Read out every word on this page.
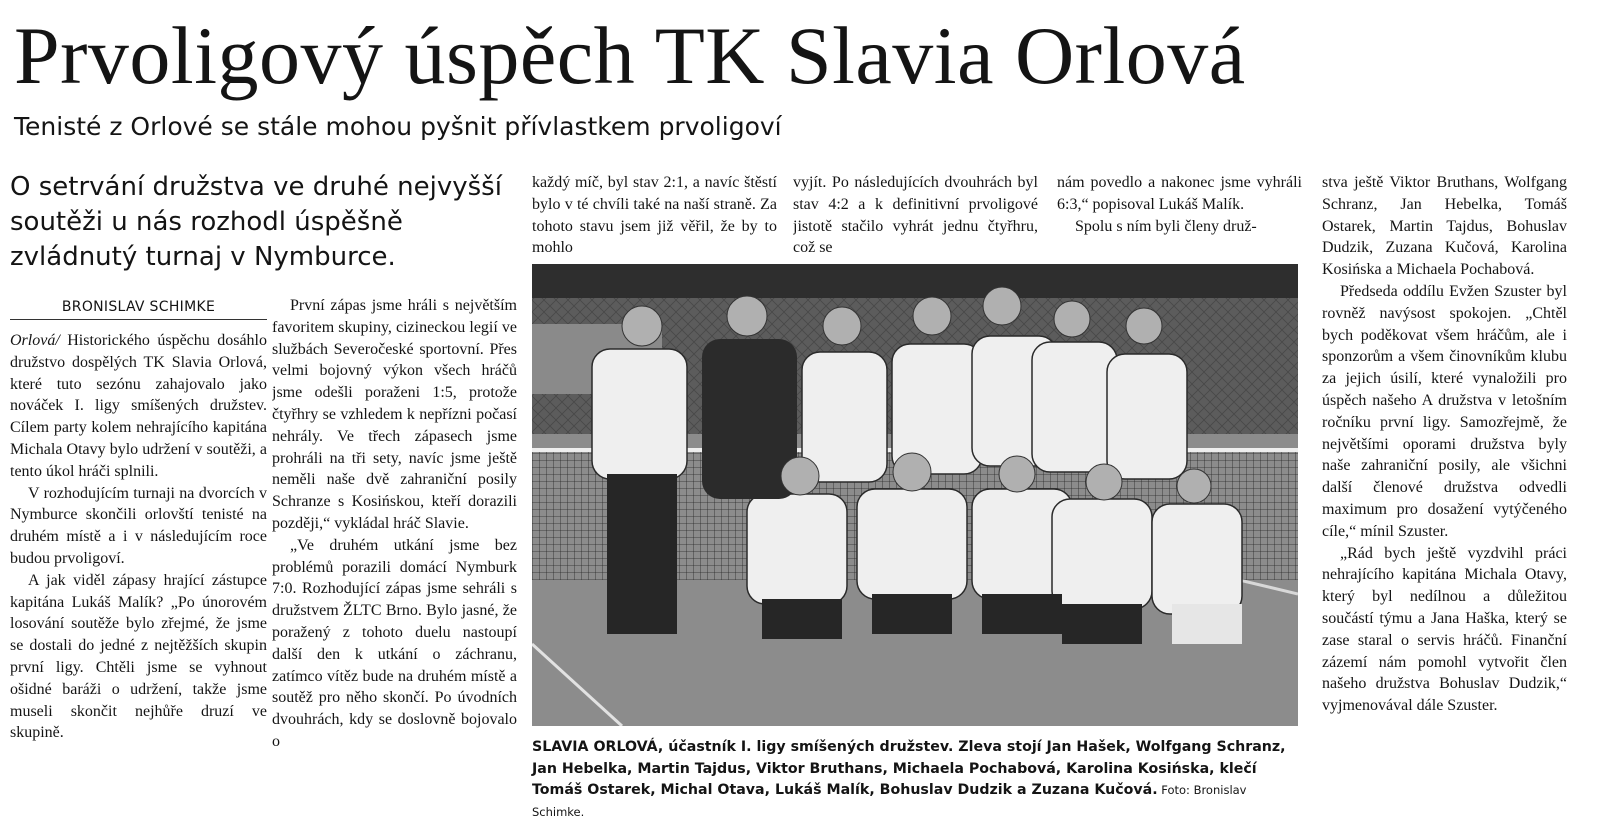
Prvoligový úspěch TK Slavia Orlová
Tenisté z Orlové se stále mohou pyšnit přívlastkem prvoligoví

O setrvání družstva ve druhé nejvyšší soutěži u nás rozhodl úspěšně zvládnutý turnaj v Nymburce.

BRONISLAV SCHIMKE

Orlová/ Historického úspěchu dosáhlo družstvo dospělých TK Slavia Orlová, které tuto sezónu zahajovalo jako nováček I. ligy smíšených družstev. Cílem party kolem nehrajícího kapitána Michala Otavy bylo udržení v soutěži, a tento úkol hráči splnili.

V rozhodujícím turnaji na dvorcích v Nymburce skončili orlovští tenisté na druhém místě a i v následujícím roce budou prvoligoví.

A jak viděl zápasy hrající zástupce kapitána Lukáš Malík? „Po únorovém losování soutěže bylo zřejmé, že jsme se dostali do jedné z nejtěžších skupin první ligy. Chtěli jsme se vyhnout ošidné baráži o udržení, takže jsme museli skončit nejhůře druzí ve skupině.

První zápas jsme hráli s největším favoritem skupiny, cizineckou legií ve službách Severočeské sportovní. Přes velmi bojovný výkon všech hráčů jsme odešli poraženi 1:5, protože čtyřhry se vzhledem k nepřízni počasí nehrály. Ve třech zápasech jsme prohráli na tři sety, navíc jsme ještě neměli naše dvě zahraniční posily Schranze s Kosińskou, kteří dorazili později,“ vykládal hráč Slavie.

„Ve druhém utkání jsme bez problémů porazili domácí Nymburk 7:0. Rozhodující zápas jsme sehráli s družstvem ŽLTC Brno. Bylo jasné, že poražený z tohoto duelu nastoupí další den k utkání o záchranu, zatímco vítěz bude na druhém místě a soutěž pro něho skončí. Po úvodních dvouhrách, kdy se doslovně bojovalo o

každý míč, byl stav 2:1, a navíc štěstí bylo v té chvíli také na naší straně. Za tohoto stavu jsem již věřil, že by to mohlo

vyjít. Po následujících dvouhrách byl stav 4:2 a k definitivní prvoligové jistotě stačilo vyhrát jednu čtyřhru, což se

nám povedlo a nakonec jsme vyhráli 6:3,“ popisoval Lukáš Malík.

Spolu s ním byli členy druž-

stva ještě Viktor Bruthans, Wolfgang Schranz, Jan Hebelka, Tomáš Ostarek, Martin Tajdus, Bohuslav Dudzik, Zuzana Kučová, Karolina Kosińska a Michaela Pochabová.

Předseda oddílu Evžen Szuster byl rovněž navýsost spokojen. „Chtěl bych poděkovat všem hráčům, ale i sponzorům a všem činovníkům klubu za jejich úsilí, které vynaložili pro úspěch našeho A družstva v letošním ročníku první ligy. Samozřejmě, že největšími oporami družstva byly naše zahraniční posily, ale všichni další členové družstva odvedli maximum pro dosažení vytýčeného cíle,“ mínil Szuster.

„Rád bych ještě vyzdvihl práci nehrajícího kapitána Michala Otavy, který byl nedílnou a důležitou součástí týmu a Jana Haška, který se zase staral o servis hráčů. Finanční zázemí nám pomohl vytvořit člen našeho družstva Bohuslav Dudzik,“ vyjmenovával dále Szuster.

SLAVIA ORLOVÁ, účastník I. ligy smíšených družstev. Zleva stojí Jan Hašek, Wolfgang Schranz, Jan Hebelka, Martin Tajdus, Viktor Bruthans, Michaela Pochabová, Karolina Kosińska, klečí Tomáš Ostarek, Michal Otava, Lukáš Malík, Bohuslav Dudzik a Zuzana Kučová. Foto: Bronislav Schimke.
